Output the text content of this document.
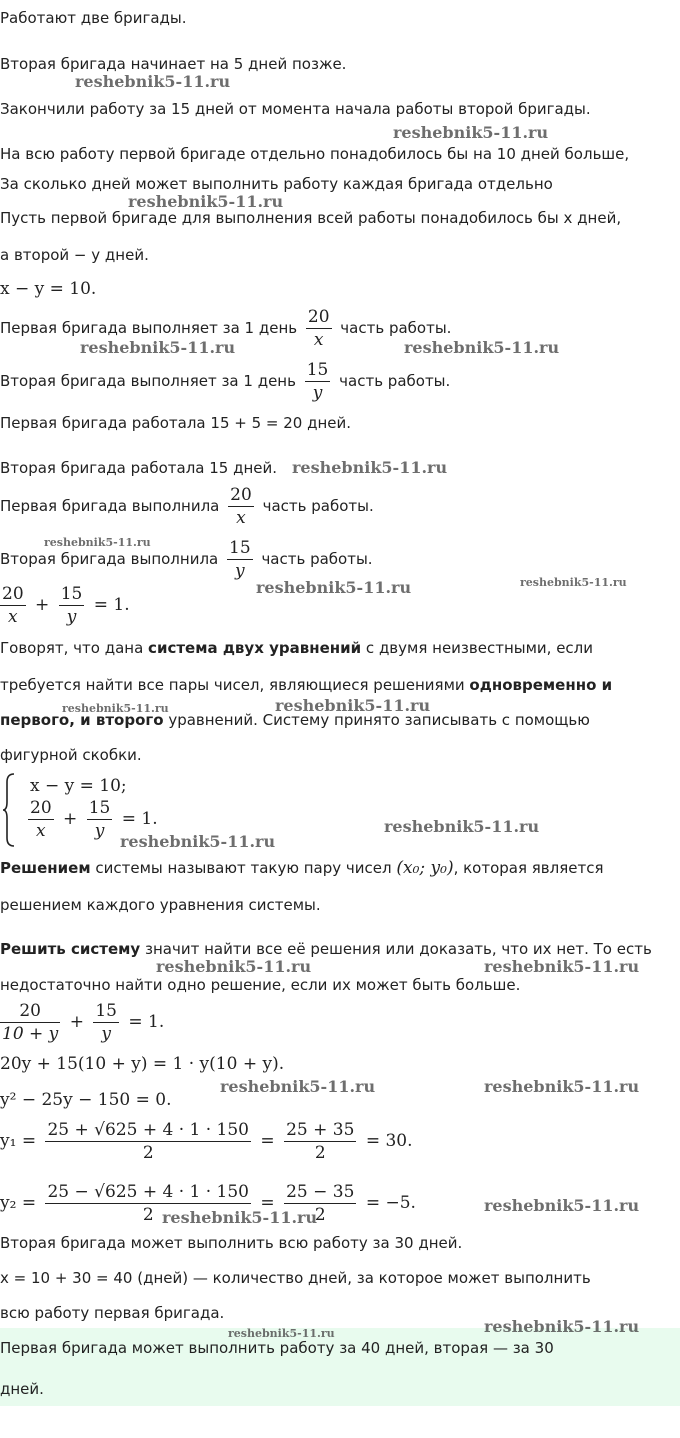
Работают две бригады.
Вторая бригада начинает на 5 дней позже.
Закончили работу за 15 дней от момента начала работы второй бригады.
На всю работу первой бригаде отдельно понадобилось бы на 10 дней больше,
За сколько дней может выполнить работу каждая бригада отдельно
Пусть первой бригаде для выполнения всей работы понадобилось бы x дней,
а второй − y дней.
x − y = 10.
Первая бригада выполняет за 1 день $\frac{20}{x}$ часть работы.
Вторая бригада выполняет за 1 день $\frac{15}{y}$ часть работы.
Первая бригада работала 15 + 5 = 20 дней.
Вторая бригада работала 15 дней.
Первая бригада выполнила $\frac{20}{x}$ часть работы.
Вторая бригада выполнила $\frac{15}{y}$ часть работы.
$\frac{20}{x} + \frac{15}{y} = 1$.
Говорят, что дана система двух уравнений с двумя неизвестными, если
требуется найти все пары чисел, являющиеся решениями одновременно и
первого, и второго уравнений. Систему принято записывать с помощью
фигурной скобки.
x − y = 10;
$\frac{20}{x} + \frac{15}{y} = 1$.
Решением системы называют такую пару чисел (x₀; y₀), которая является
решением каждого уравнения системы.
Решить систему значит найти все её решения или доказать, что их нет. То есть
недостаточно найти одно решение, если их может быть больше.
$\frac{20}{10 + y} + \frac{15}{y} = 1$.
20y + 15(10 + y) = 1 · y(10 + y).
y² − 25y − 150 = 0.
$y_1 = \frac{25 + √625 + 4 \cdot 1 \cdot 150}{2} = \frac{25 + 35}{2} = 30$.
$y_2 = \frac{25 - √625 + 4 \cdot 1 \cdot 150}{2} = \frac{25 - 35}{2} = -5$.
Вторая бригада может выполнить всю работу за 30 дней.
x = 10 + 30 = 40 (дней) — количество дней, за которое может выполнить
всю работу первая бригада.
Первая бригада может выполнить работу за 40 дней, вторая — за 30
дней.
reshebnik5-11.ru
reshebnik5-11.ru
reshebnik5-11.ru
reshebnik5-11.ru	reshebnik5-11.ru
reshebnik5-11.ru
reshebnik5-11.ru
reshebnik5-11.ru	reshebnik5-11.ru
reshebnik5-11.ru	reshebnik5-11.ru
reshebnik5-11.ru
reshebnik5-11.ru
reshebnik5-11.ru	reshebnik5-11.ru
reshebnik5-11.ru	reshebnik5-11.ru
reshebnik5-11.ru
reshebnik5-11.ru
reshebnik5-11.ru	reshebnik5-11.ru
